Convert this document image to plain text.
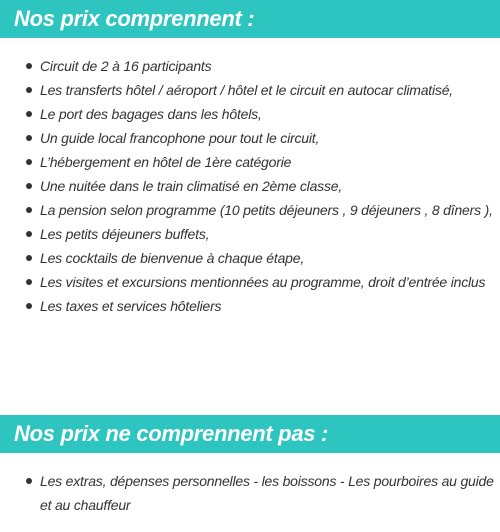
Nos prix comprennent :
Circuit de 2 à 16 participants
Les transferts hôtel / aéroport / hôtel et le circuit en autocar climatisé,
Le port des bagages dans les hôtels,
Un guide local francophone pour tout le circuit,
L’hébergement en hôtel de 1ère catégorie
Une nuitée dans le train climatisé en 2ème classe,
La pension selon programme (10 petits déjeuners , 9 déjeuners , 8 dîners ),
Les petits déjeuners buffets,
Les cocktails de bienvenue à chaque étape,
Les visites et excursions mentionnées au programme, droit d’entrée inclus
Les taxes et services hôteliers
Nos prix ne comprennent pas :
Les extras, dépenses personnelles - les boissons - Les pourboires au guide et au chauffeur
